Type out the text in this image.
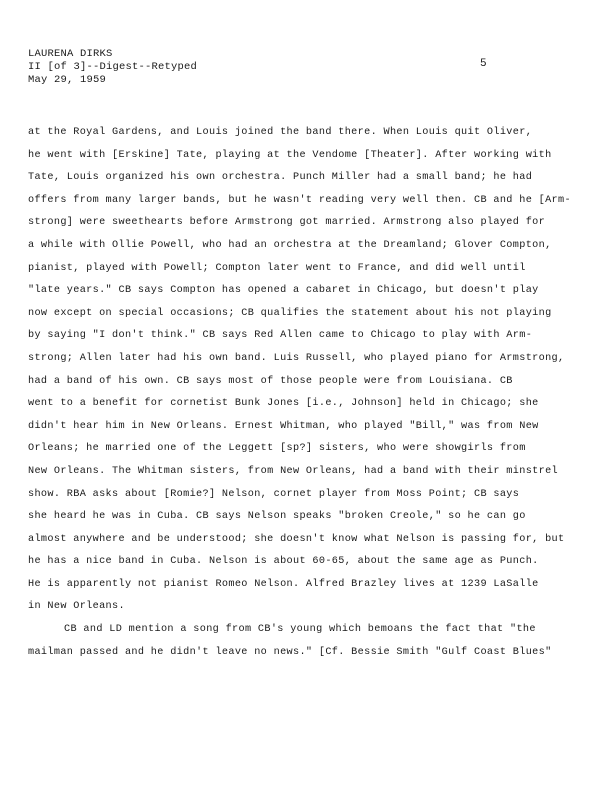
LAURENA DIRKS
II [of 3]--Digest--Retyped
May 29, 1959
5
at the Royal Gardens, and Louis joined the band there. When Louis quit Oliver,
he went with [Erskine] Tate, playing at the Vendome [Theater]. After working with
Tate, Louis organized his own orchestra. Punch Miller had a small band; he had
offers from many larger bands, but he wasn't reading very well then. CB and he [Arm-
strong] were sweethearts before Armstrong got married. Armstrong also played for
a while with Ollie Powell, who had an orchestra at the Dreamland; Glover Compton,
pianist, played with Powell; Compton later went to France, and did well until
"late years." CB says Compton has opened a cabaret in Chicago, but doesn't play
now except on special occasions; CB qualifies the statement about his not playing
by saying "I don't think." CB says Red Allen came to Chicago to play with Arm-
strong; Allen later had his own band. Luis Russell, who played piano for Armstrong,
had a band of his own. CB says most of those people were from Louisiana. CB
went to a benefit for cornetist Bunk Jones [i.e., Johnson] held in Chicago; she
didn't hear him in New Orleans. Ernest Whitman, who played "Bill," was from New
Orleans; he married one of the Leggett [sp?] sisters, who were showgirls from
New Orleans. The Whitman sisters, from New Orleans, had a band with their minstrel
show. RBA asks about [Romie?] Nelson, cornet player from Moss Point; CB says
she heard he was in Cuba. CB says Nelson speaks "broken Creole," so he can go
almost anywhere and be understood; she doesn't know what Nelson is passing for, but
he has a nice band in Cuba. Nelson is about 60-65, about the same age as Punch.
He is apparently not pianist Romeo Nelson. Alfred Brazley lives at 1239 LaSalle
in New Orleans.
CB and LD mention a song from CB's young which bemoans the fact that "the
mailman passed and he didn't leave no news." [Cf. Bessie Smith "Gulf Coast Blues"
